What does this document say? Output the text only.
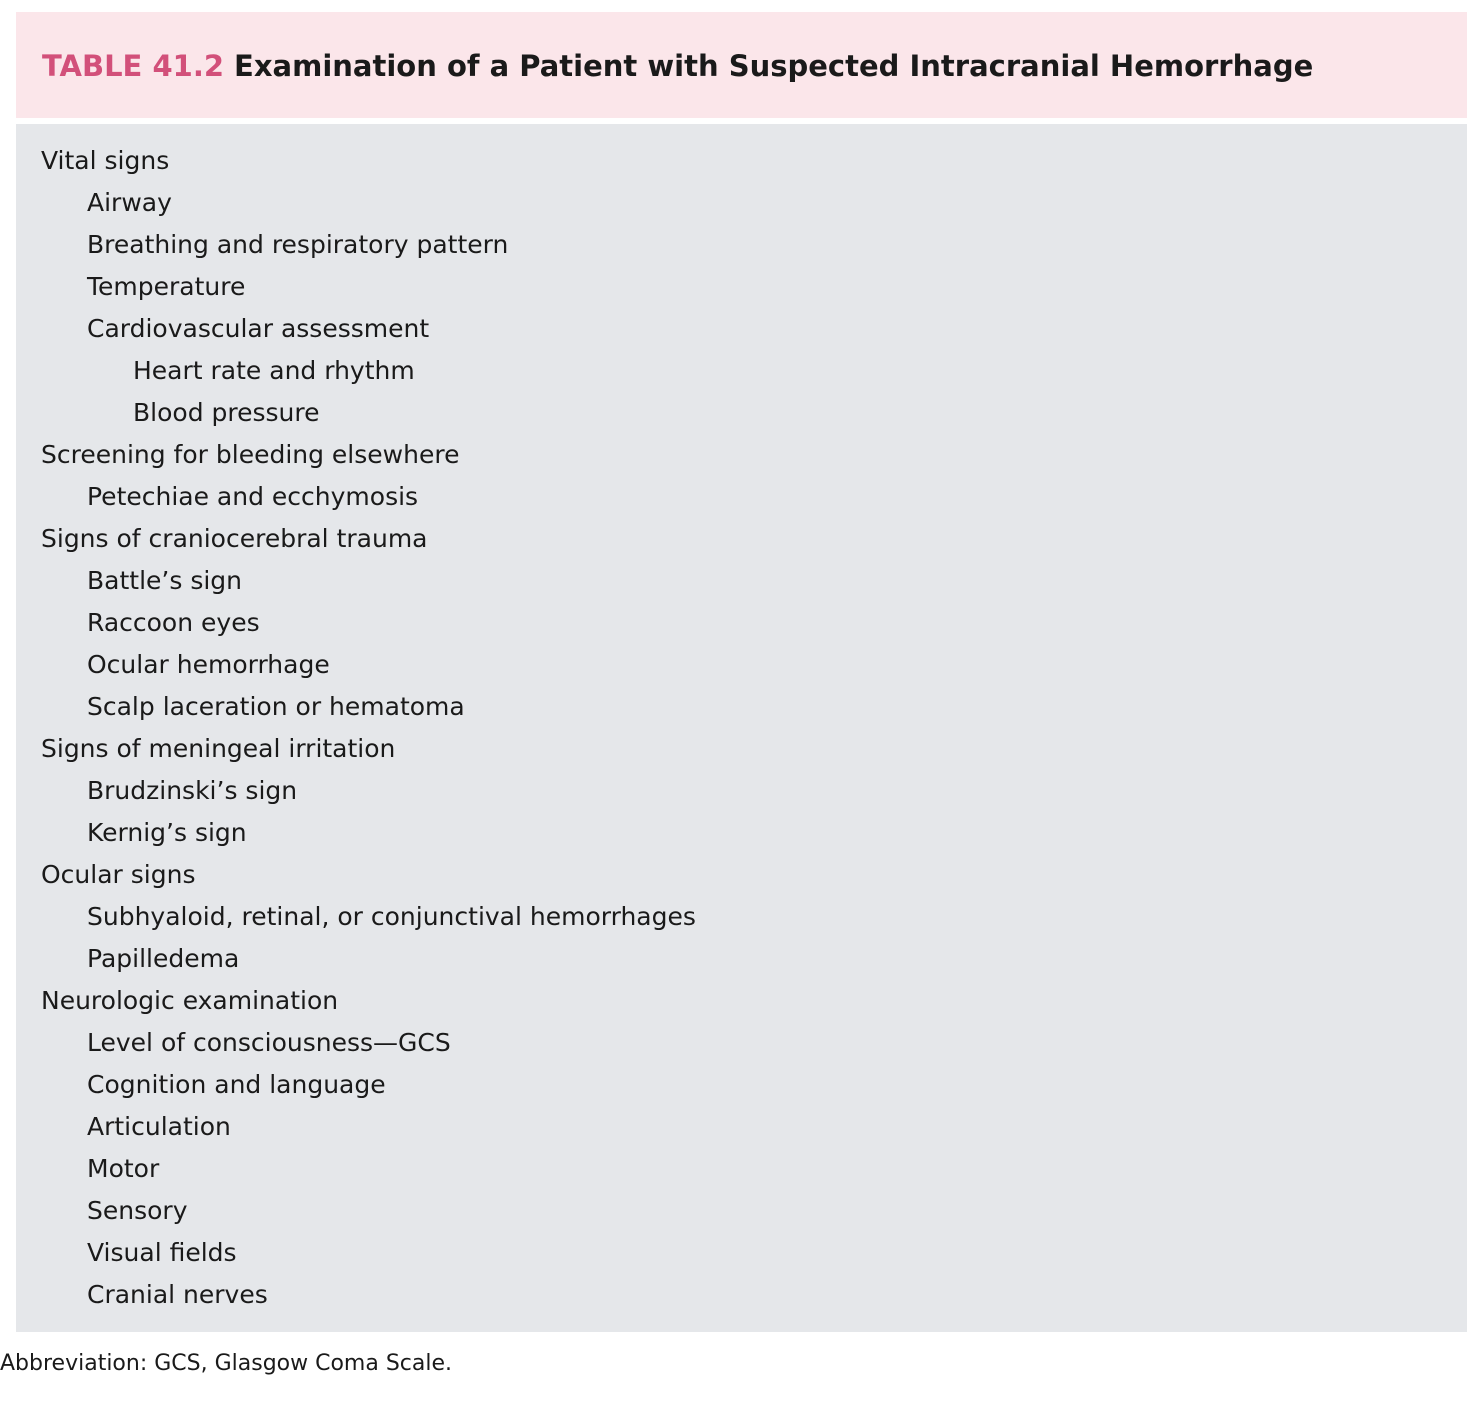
TABLE 41.2 Examination of a Patient with Suspected Intracranial Hemorrhage
Vital signs
Airway
Breathing and respiratory pattern
Temperature
Cardiovascular assessment
Heart rate and rhythm
Blood pressure
Screening for bleeding elsewhere
Petechiae and ecchymosis
Signs of craniocerebral trauma
Battle’s sign
Raccoon eyes
Ocular hemorrhage
Scalp laceration or hematoma
Signs of meningeal irritation
Brudzinski’s sign
Kernig’s sign
Ocular signs
Subhyaloid, retinal, or conjunctival hemorrhages
Papilledema
Neurologic examination
Level of consciousness—GCS
Cognition and language
Articulation
Motor
Sensory
Visual fields
Cranial nerves

Abbreviation: GCS, Glasgow Coma Scale.
